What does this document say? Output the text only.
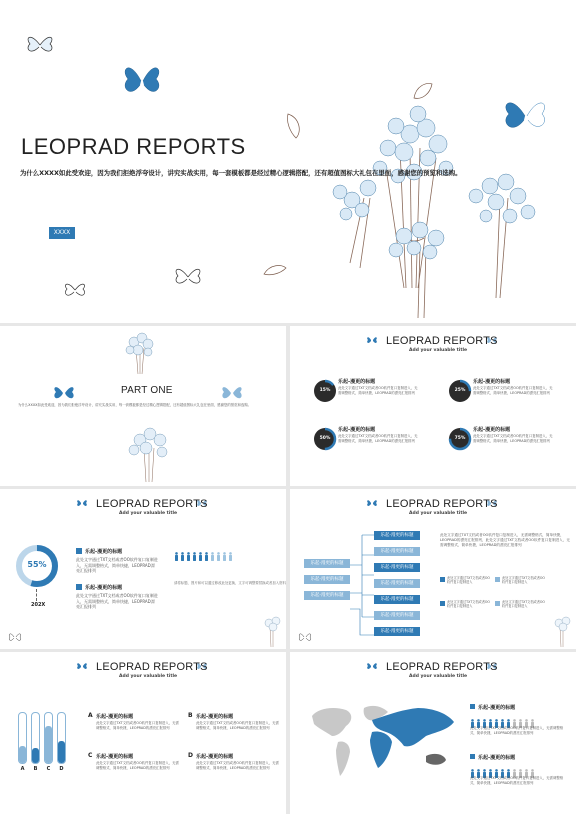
LEOPRAD REPORTS
为什么XXXX如此受欢迎，因为我们拒绝浮夸设计，讲究实战实用，每一套模板都是经过精心逻辑搭配，还有超值图标大礼包在里面，感谢您的预览和选购。
XXXX
PART ONE
为什么XXXX如此受欢迎，因为我们拒绝浮夸设计，讲究实战实用，每一套模板都是经过精心逻辑搭配，还有超值图标大礼包在里面，感谢您的预览和选购。
LEOPRAD REPORTS
Add your valuable title
15%
乐起-漫更的标题
此处文字通过TXT文档或者OO软件复口复制进入，无需调整格式，简单快捷，LEOPRAD的漂亮汇报排列	25%
乐起-漫更的标题
此处文字通过TXT文档或者OO软件复口复制进入，无需调整格式，简单快捷，LEOPRAD的漂亮汇报排列
50%
乐起-漫更的标题
此处文字通过TXT文档或者OO软件复口复制进入，无需调整格式，简单快捷，LEOPRAD的漂亮汇报排列	75%
乐起-漫更的标题
此处文字通过TXT文档或者OO软件复口复制进入，无需调整格式，简单快捷，LEOPRAD的漂亮汇报排列
LEOPRAD REPORTS
Add your valuable title
55%
202X
乐起-漫更的标题
此处文字通过TXT文档或者OO软件复口复制进入，无需调整格式，简单快捷，LEOPRAD漂亮汇报排列
乐起-漫更的标题
此处文字通过TXT文档或者OO软件复口复制进入，无需调整格式，简单快捷，LEOPRAD漂亮汇报排列
请将标题、图片和可以通过修改此处更换，文字可调整要替换或者加入资料
LEOPRAD REPORTS
Add your valuable title
此处文字通过TXT文档或者OO软件复口复制进入，无需调整格式，简单快捷，LEOPRAD的漂亮汇报排列，此处文字通过TXT文档或者OO软件复口复制进入，无需调整格式，简单快捷，LEOPRAD的漂亮汇报排列
乐起-漫更的标题
乐起-漫更的标题
乐起-漫更的标题
乐起-漫更的标题
乐起-漫更的标题
乐起-漫更的标题
乐起-漫更的标题
乐起-漫更的标题
乐起-漫更的标题
乐起-漫更的标题
此处文字通过TXT文档或者OO软件复口复制进入
此处文字通过TXT文档或者OO软件复口复制进入
此处文字通过TXT文档或者OO软件复口复制进入
此处文字通过TXT文档或者OO软件复口复制进入
LEOPRAD REPORTS
Add your valuable title
A	B	C	D
A 乐起-漫更的标题
此处文字通过TXT文档或者OO软件复口复制进入，无需调整格式，简单快捷，LEOPRAD的漂亮汇报排列
B 乐起-漫更的标题
此处文字通过TXT文档或者OO软件复口复制进入，无需调整格式，简单快捷，LEOPRAD的漂亮汇报排列
C 乐起-漫更的标题
此处文字通过TXT文档或者OO软件复口复制进入，无需调整格式，简单快捷，LEOPRAD的漂亮汇报排列
D 乐起-漫更的标题
此处文字通过TXT文档或者OO软件复口复制进入，无需调整格式，简单快捷，LEOPRAD的漂亮汇报排列
LEOPRAD REPORTS
Add your valuable title
乐起-漫更的标题
此处文字通过TXT文档或者OO软件复口复制进入，无需调整格式，简单快捷，LEOPRAD的漂亮汇报排列
乐起-漫更的标题
此处文字通过TXT文档或者OO软件复口复制进入，无需调整格式，简单快捷，LEOPRAD的漂亮汇报排列
